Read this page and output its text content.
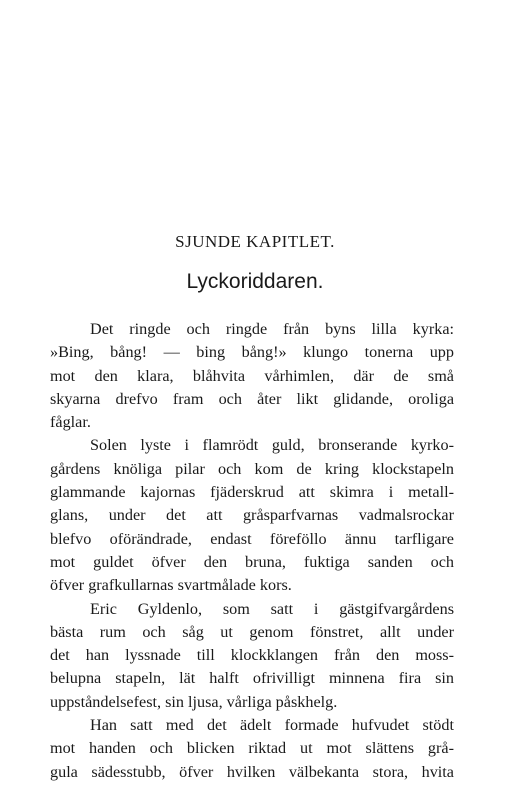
SJUNDE KAPITLET.
Lyckoriddaren.
Det ringde och ringde från byns lilla kyrka:
»Bing, bång! — bing bång!» klungo tonerna upp
mot den klara, blåhvita vårhimlen, där de små
skyarna drefvo fram och åter likt glidande, oroliga
fåglar.
Solen lyste i flamrödt guld, bronserande kyrko-
gårdens knöliga pilar och kom de kring klockstapeln
glammande kajornas fjäderskrud att skimra i metall-
glans, under det att gråsparfvarnas vadmalsrockar
blefvo oförändrade, endast föreföllo ännu tarfligare
mot guldet öfver den bruna, fuktiga sanden och
öfver grafkullarnas svartmålade kors.
Eric Gyldenlo, som satt i gästgifvargårdens
bästa rum och såg ut genom fönstret, allt under
det han lyssnade till klockklangen från den moss-
belupna stapeln, lät halft ofrivilligt minnena fira sin
uppståndelsefest, sin ljusa, vårliga påskhelg.
Han satt med det ädelt formade hufvudet stödt
mot handen och blicken riktad ut mot slättens grå-
gula sädesstubb, öfver hvilken välbekanta stora, hvita
